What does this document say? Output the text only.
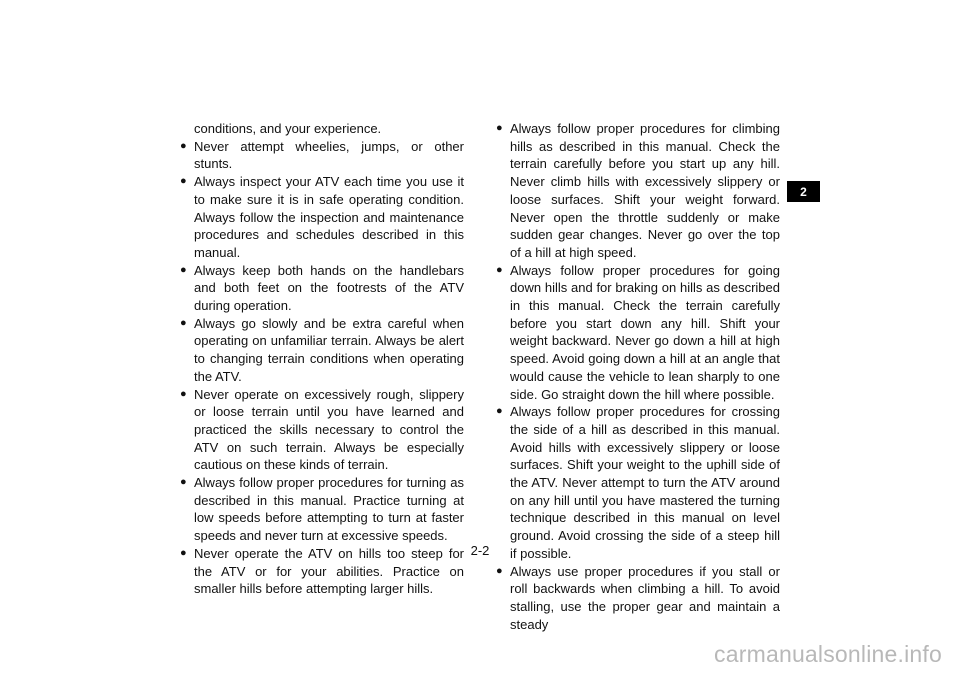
conditions, and your experience.

● Never attempt wheelies, jumps, or other stunts.

● Always inspect your ATV each time you use it to make sure it is in safe operating condition. Always follow the inspection and maintenance procedures and schedules described in this manual.

● Always keep both hands on the handlebars and both feet on the footrests of the ATV during operation.

● Always go slowly and be extra careful when operating on unfamiliar terrain. Always be alert to changing terrain conditions when operating the ATV.

● Never operate on excessively rough, slippery or loose terrain until you have learned and practiced the skills necessary to control the ATV on such terrain. Always be especially cautious on these kinds of terrain.

● Always follow proper procedures for turning as described in this manual. Practice turning at low speeds before attempting to turn at faster speeds and never turn at excessive speeds.

● Never operate the ATV on hills too steep for the ATV or for your abilities. Practice on smaller hills before attempting larger hills.

● Always follow proper procedures for climbing hills as described in this manual. Check the terrain carefully before you start up any hill. Never climb hills with excessively slippery or loose surfaces. Shift your weight forward. Never open the throttle suddenly or make sudden gear changes. Never go over the top of a hill at high speed.

● Always follow proper procedures for going down hills and for braking on hills as described in this manual. Check the terrain carefully before you start down any hill. Shift your weight backward. Never go down a hill at high speed. Avoid going down a hill at an angle that would cause the vehicle to lean sharply to one side. Go straight down the hill where possible.

● Always follow proper procedures for crossing the side of a hill as described in this manual. Avoid hills with excessively slippery or loose surfaces. Shift your weight to the uphill side of the ATV. Never attempt to turn the ATV around on any hill until you have mastered the turning technique described in this manual on level ground. Avoid crossing the side of a steep hill if possible.

● Always use proper procedures if you stall or roll backwards when climbing a hill. To avoid stalling, use the proper gear and maintain a steady

2
2-2
carmanualsonline.info
